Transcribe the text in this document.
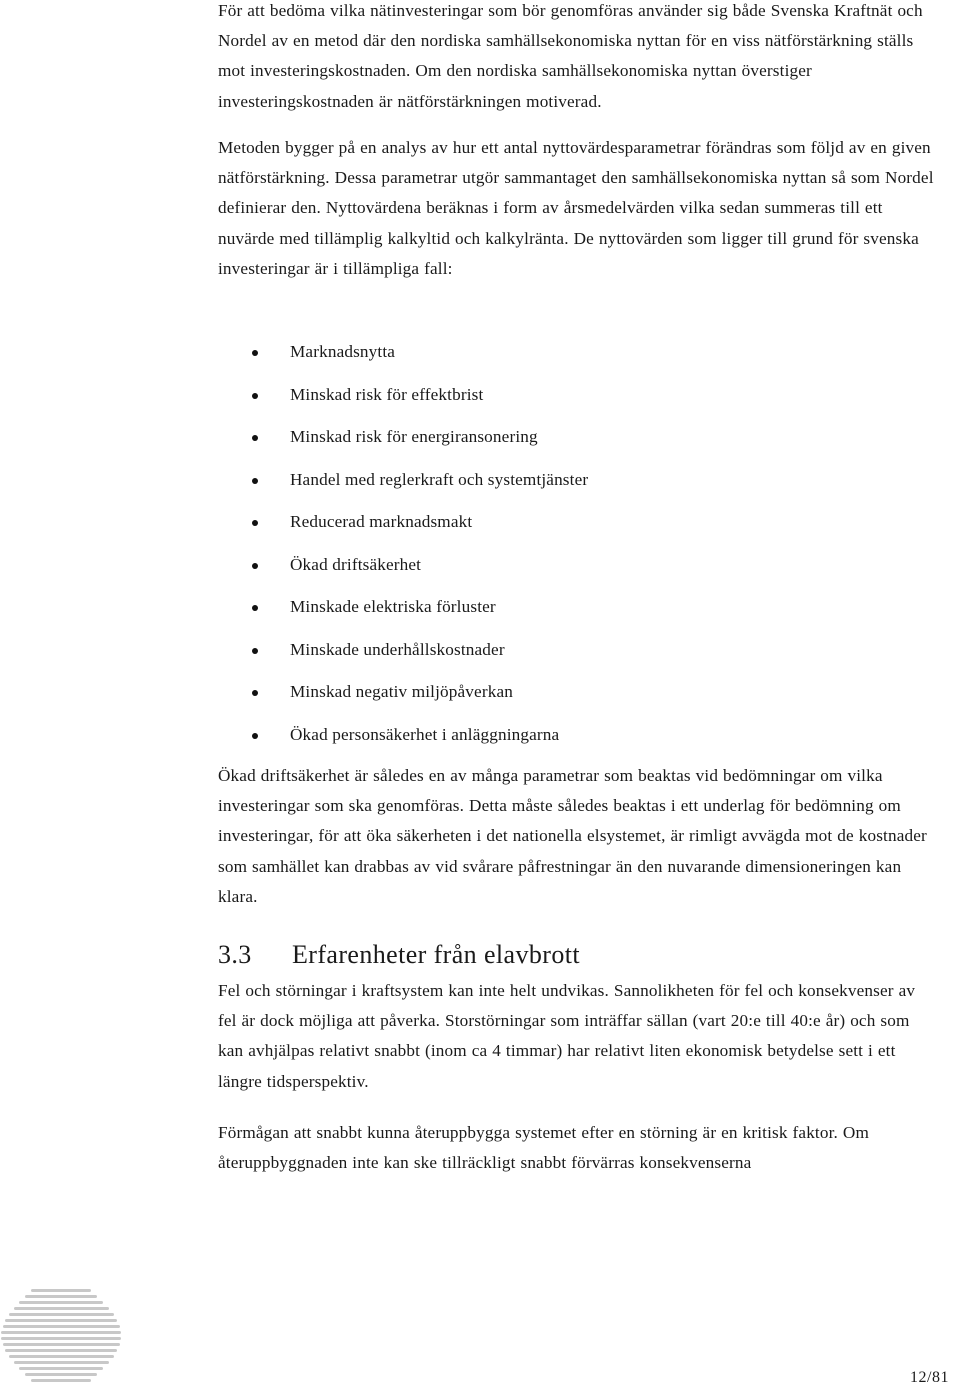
För att bedöma vilka nätinvesteringar som bör genomföras använder sig både Svenska Kraftnät och Nordel av en metod där den nordiska samhällsekonomiska nyttan för en viss nätförstärkning ställs mot investeringskostnaden. Om den nordiska samhällsekonomiska nyttan överstiger investeringskostnaden är nätförstärkningen motiverad.

Metoden bygger på en analys av hur ett antal nyttovärdesparametrar förändras som följd av en given nätförstärkning. Dessa parametrar utgör sammantaget den samhällsekonomiska nyttan så som Nordel definierar den. Nyttovärdena beräknas i form av årsmedelvärden vilka sedan summeras till ett nuvärde med tillämplig kalkyltid och kalkylränta. De nyttovärden som ligger till grund för svenska investeringar är i tillämpliga fall:

Marknadsnytta
Minskad risk för effektbrist
Minskad risk för energiransonering
Handel med reglerkraft och systemtjänster
Reducerad marknadsmakt
Ökad driftsäkerhet
Minskade elektriska förluster
Minskade underhållskostnader
Minskad negativ miljöpåverkan
Ökad personsäkerhet i anläggningarna

Ökad driftsäkerhet är således en av många parametrar som beaktas vid bedömningar om vilka investeringar som ska genomföras. Detta måste således beaktas i ett underlag för bedömning om investeringar, för att öka säkerheten i det nationella elsystemet, är rimligt avvägda mot de kostnader som samhället kan drabbas av vid svårare påfrestningar än den nuvarande dimensioneringen kan klara.

3.3 Erfarenheter från elavbrott

Fel och störningar i kraftsystem kan inte helt undvikas. Sannolikheten för fel och konsekvenser av fel är dock möjliga att påverka. Storstörningar som inträffar sällan (vart 20:e till 40:e år) och som kan avhjälpas relativt snabbt (inom ca 4 timmar) har relativt liten ekonomisk betydelse sett i ett längre tidsperspektiv.

Förmågan att snabbt kunna återuppbygga systemet efter en störning är en kritisk faktor. Om återuppbyggnaden inte kan ske tillräckligt snabbt förvärras konsekvenserna

12/81
